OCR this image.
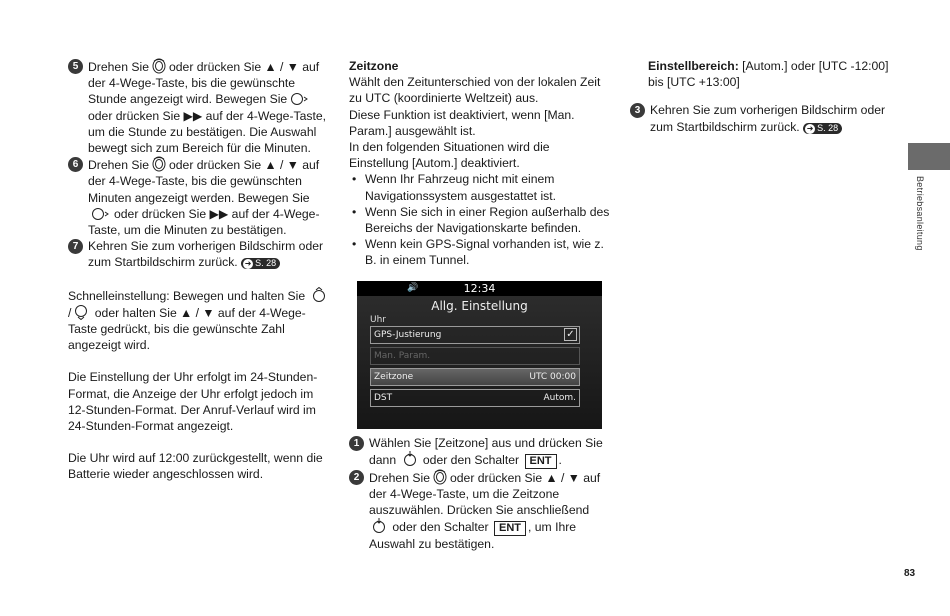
5 Drehen Sie oder drücken Sie ▲ / ▼ auf der 4-Wege-Taste, bis die gewünschte Stunde angezeigt wird. Bewegen Sie
oder drücken Sie ▶▶ auf der 4-Wege-Taste, um die Stunde zu bestätigen. Die Auswahl bewegt sich zum Bereich für die Minuten.
6 Drehen Sie oder drücken Sie ▲ / ▼ auf der 4-Wege-Taste, bis die gewünschten Minuten angezeigt werden. Bewegen Sie
oder drücken Sie ▶▶ auf der 4-Wege-Taste, um die Minuten zu bestätigen.
7 Kehren Sie zum vorherigen Bildschirm oder zum Startbildschirm zurück. ➜ S. 28

Schnelleinstellung: Bewegen und halten Sie
/ oder halten Sie ▲ / ▼ auf der 4-Wege-Taste gedrückt, bis die gewünschte Zahl angezeigt wird.

Die Einstellung der Uhr erfolgt im 24-Stunden-Format, die Anzeige der Uhr erfolgt jedoch im 12-Stunden-Format. Der Anruf-Verlauf wird im 24-Stunden-Format angezeigt.

Die Uhr wird auf 12:00 zurückgestellt, wenn die Batterie wieder angeschlossen wird.

Zeitzone

Wählt den Zeitunterschied von der lokalen Zeit zu UTC (koordinierte Weltzeit) aus.

Diese Funktion ist deaktiviert, wenn [Man. Param.] ausgewählt ist.

In den folgenden Situationen wird die Einstellung [Autom.] deaktiviert.

• Wenn Ihr Fahrzeug nicht mit einem Navigationssystem ausgestattet ist.
• Wenn Sie sich in einer Region außerhalb des Bereichs der Navigationskarte befinden.
• Wenn kein GPS-Signal vorhanden ist, wie z. B. in einem Tunnel.
🔊	12:34
Allg. Einstellung
Uhr
GPS-Justierung	✓
Man. Param.
Zeitzone	UTC 00:00
DST	Autom.
1 Wählen Sie [Zeitzone] aus und drücken Sie dann oder den Schalter ENT .
2 Drehen Sie oder drücken Sie ▲ / ▼ auf der 4-Wege-Taste, um die Zeitzone auszuwählen. Drücken Sie anschließend
oder den Schalter ENT , um Ihre Auswahl zu bestätigen.
Einstellbereich: [Autom.] oder [UTC -12:00] bis [UTC +13:00]
3 Kehren Sie zum vorherigen Bildschirm oder zum Startbildschirm zurück. ➜ S. 28
Betriebsanleitung
83
